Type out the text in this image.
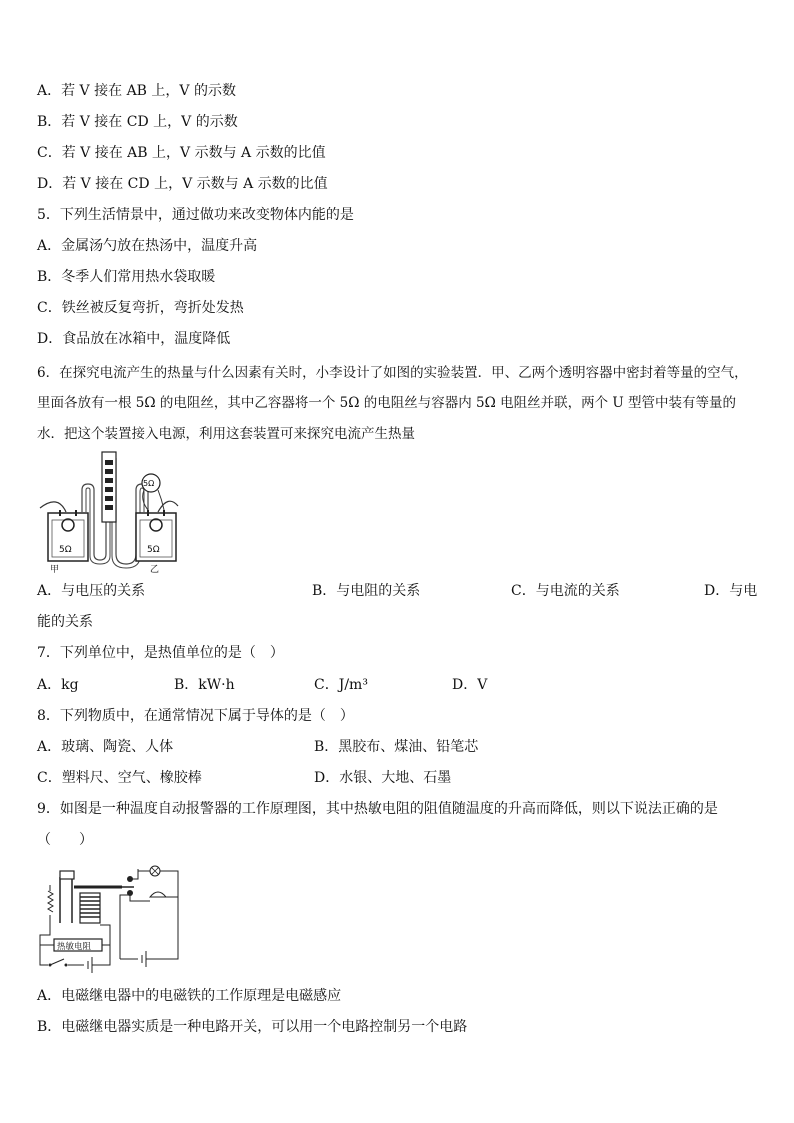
A．若 V 接在 AB 上，V 的示数
B．若 V 接在 CD 上，V 的示数
C．若 V 接在 AB 上，V 示数与 A 示数的比值
D．若 V 接在 CD 上，V 示数与 A 示数的比值
5．下列生活情景中，通过做功来改变物体内能的是
A．金属汤勺放在热汤中，温度升高
B．冬季人们常用热水袋取暖
C．铁丝被反复弯折，弯折处发热
D．食品放在冰箱中，温度降低
6．在探究电流产生的热量与什么因素有关时，小李设计了如图的实验装置．甲、乙两个透明容器中密封着等量的空气，
里面各放有一根 5Ω 的电阻丝，其中乙容器将一个 5Ω 的电阻丝与容器内 5Ω 电阻丝并联，两个 U 型管中装有等量的
水．把这个装置接入电源，利用这套装置可来探究电流产生热量
5Ω
甲
5Ω
乙
5Ω
A．与电压的关系	B．与电阻的关系	C．与电流的关系	D．与电
能的关系
7．下列单位中，是热值单位的是（　）
A．kg	B．kW·h	C．J/m³	D．V
8．下列物质中，在通常情况下属于导体的是（　）
A．玻璃、陶瓷、人体	B．黑胶布、煤油、铅笔芯
C．塑料尺、空气、橡胶棒	D．水银、大地、石墨
9．如图是一种温度自动报警器的工作原理图，其中热敏电阻的阻值随温度的升高而降低，则以下说法正确的是
（　　）
热敏电阻
A．电磁继电器中的电磁铁的工作原理是电磁感应
B．电磁继电器实质是一种电路开关，可以用一个电路控制另一个电路
